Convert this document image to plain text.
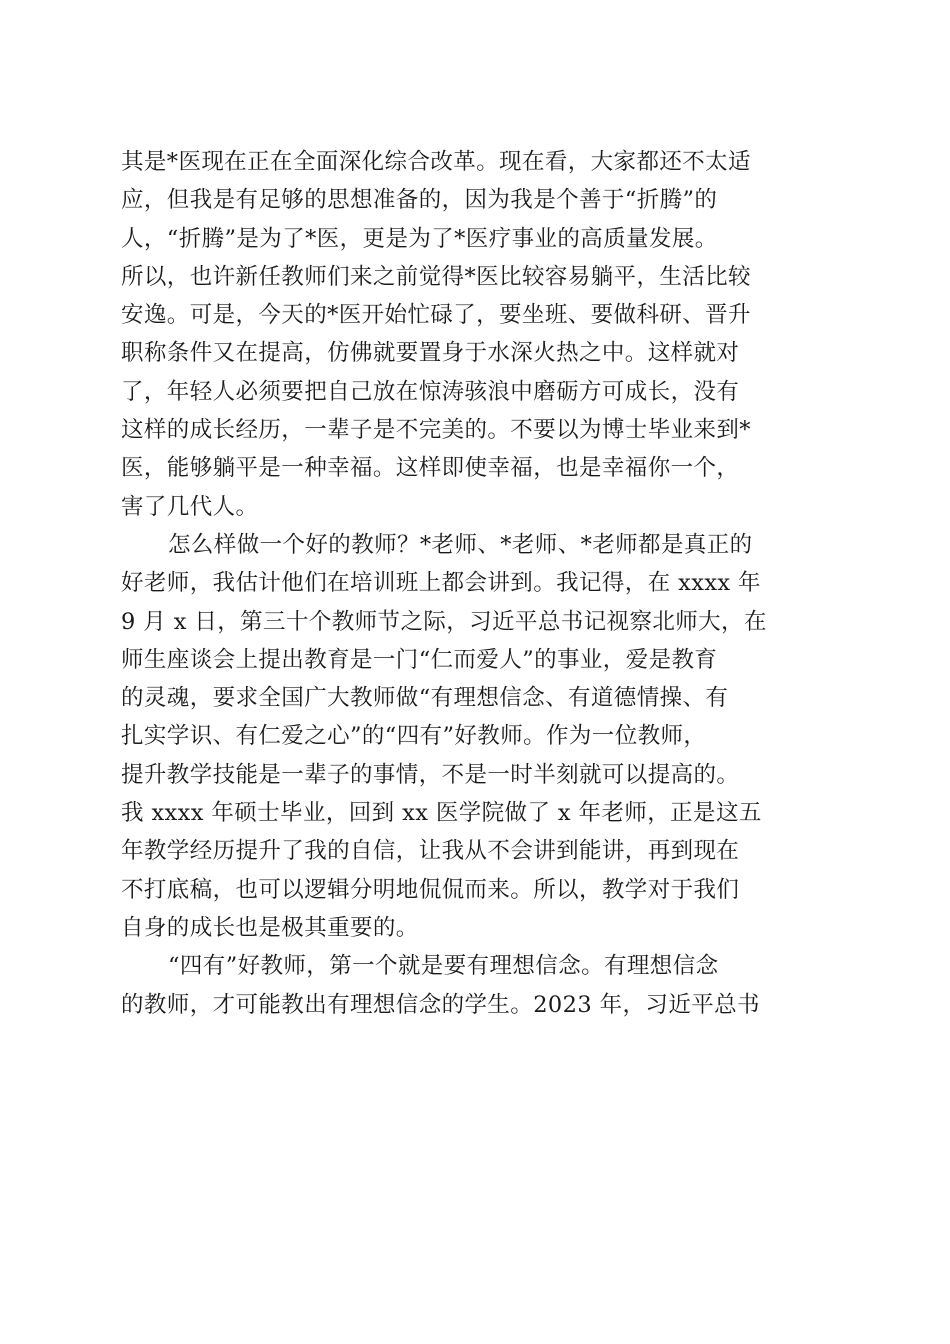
其是*医现在正在全面深化综合改革。现在看，大家都还不太适
应，但我是有足够的思想准备的，因为我是个善于“折腾”的
人，“折腾”是为了*医，更是为了*医疗事业的高质量发展。
所以，也许新任教师们来之前觉得*医比较容易躺平，生活比较
安逸。可是，今天的*医开始忙碌了，要坐班、要做科研、晋升
职称条件又在提高，仿佛就要置身于水深火热之中。这样就对
了，年轻人必须要把自己放在惊涛骇浪中磨砺方可成长，没有
这样的成长经历，一辈子是不完美的。不要以为博士毕业来到*
医，能够躺平是一种幸福。这样即使幸福，也是幸福你一个，
害了几代人。
怎么样做一个好的教师？*老师、*老师、*老师都是真正的
好老师，我估计他们在培训班上都会讲到。我记得，在 xxxx 年
9 月 x 日，第三十个教师节之际，习近平总书记视察北师大，在
师生座谈会上提出教育是一门“仁而爱人”的事业，爱是教育
的灵魂，要求全国广大教师做“有理想信念、有道德情操、有
扎实学识、有仁爱之心”的“四有”好教师。作为一位教师，
提升教学技能是一辈子的事情，不是一时半刻就可以提高的。
我 xxxx 年硕士毕业，回到 xx 医学院做了 x 年老师，正是这五
年教学经历提升了我的自信，让我从不会讲到能讲，再到现在
不打底稿，也可以逻辑分明地侃侃而来。所以，教学对于我们
自身的成长也是极其重要的。
“四有”好教师，第一个就是要有理想信念。有理想信念
的教师，才可能教出有理想信念的学生。2023 年，习近平总书
